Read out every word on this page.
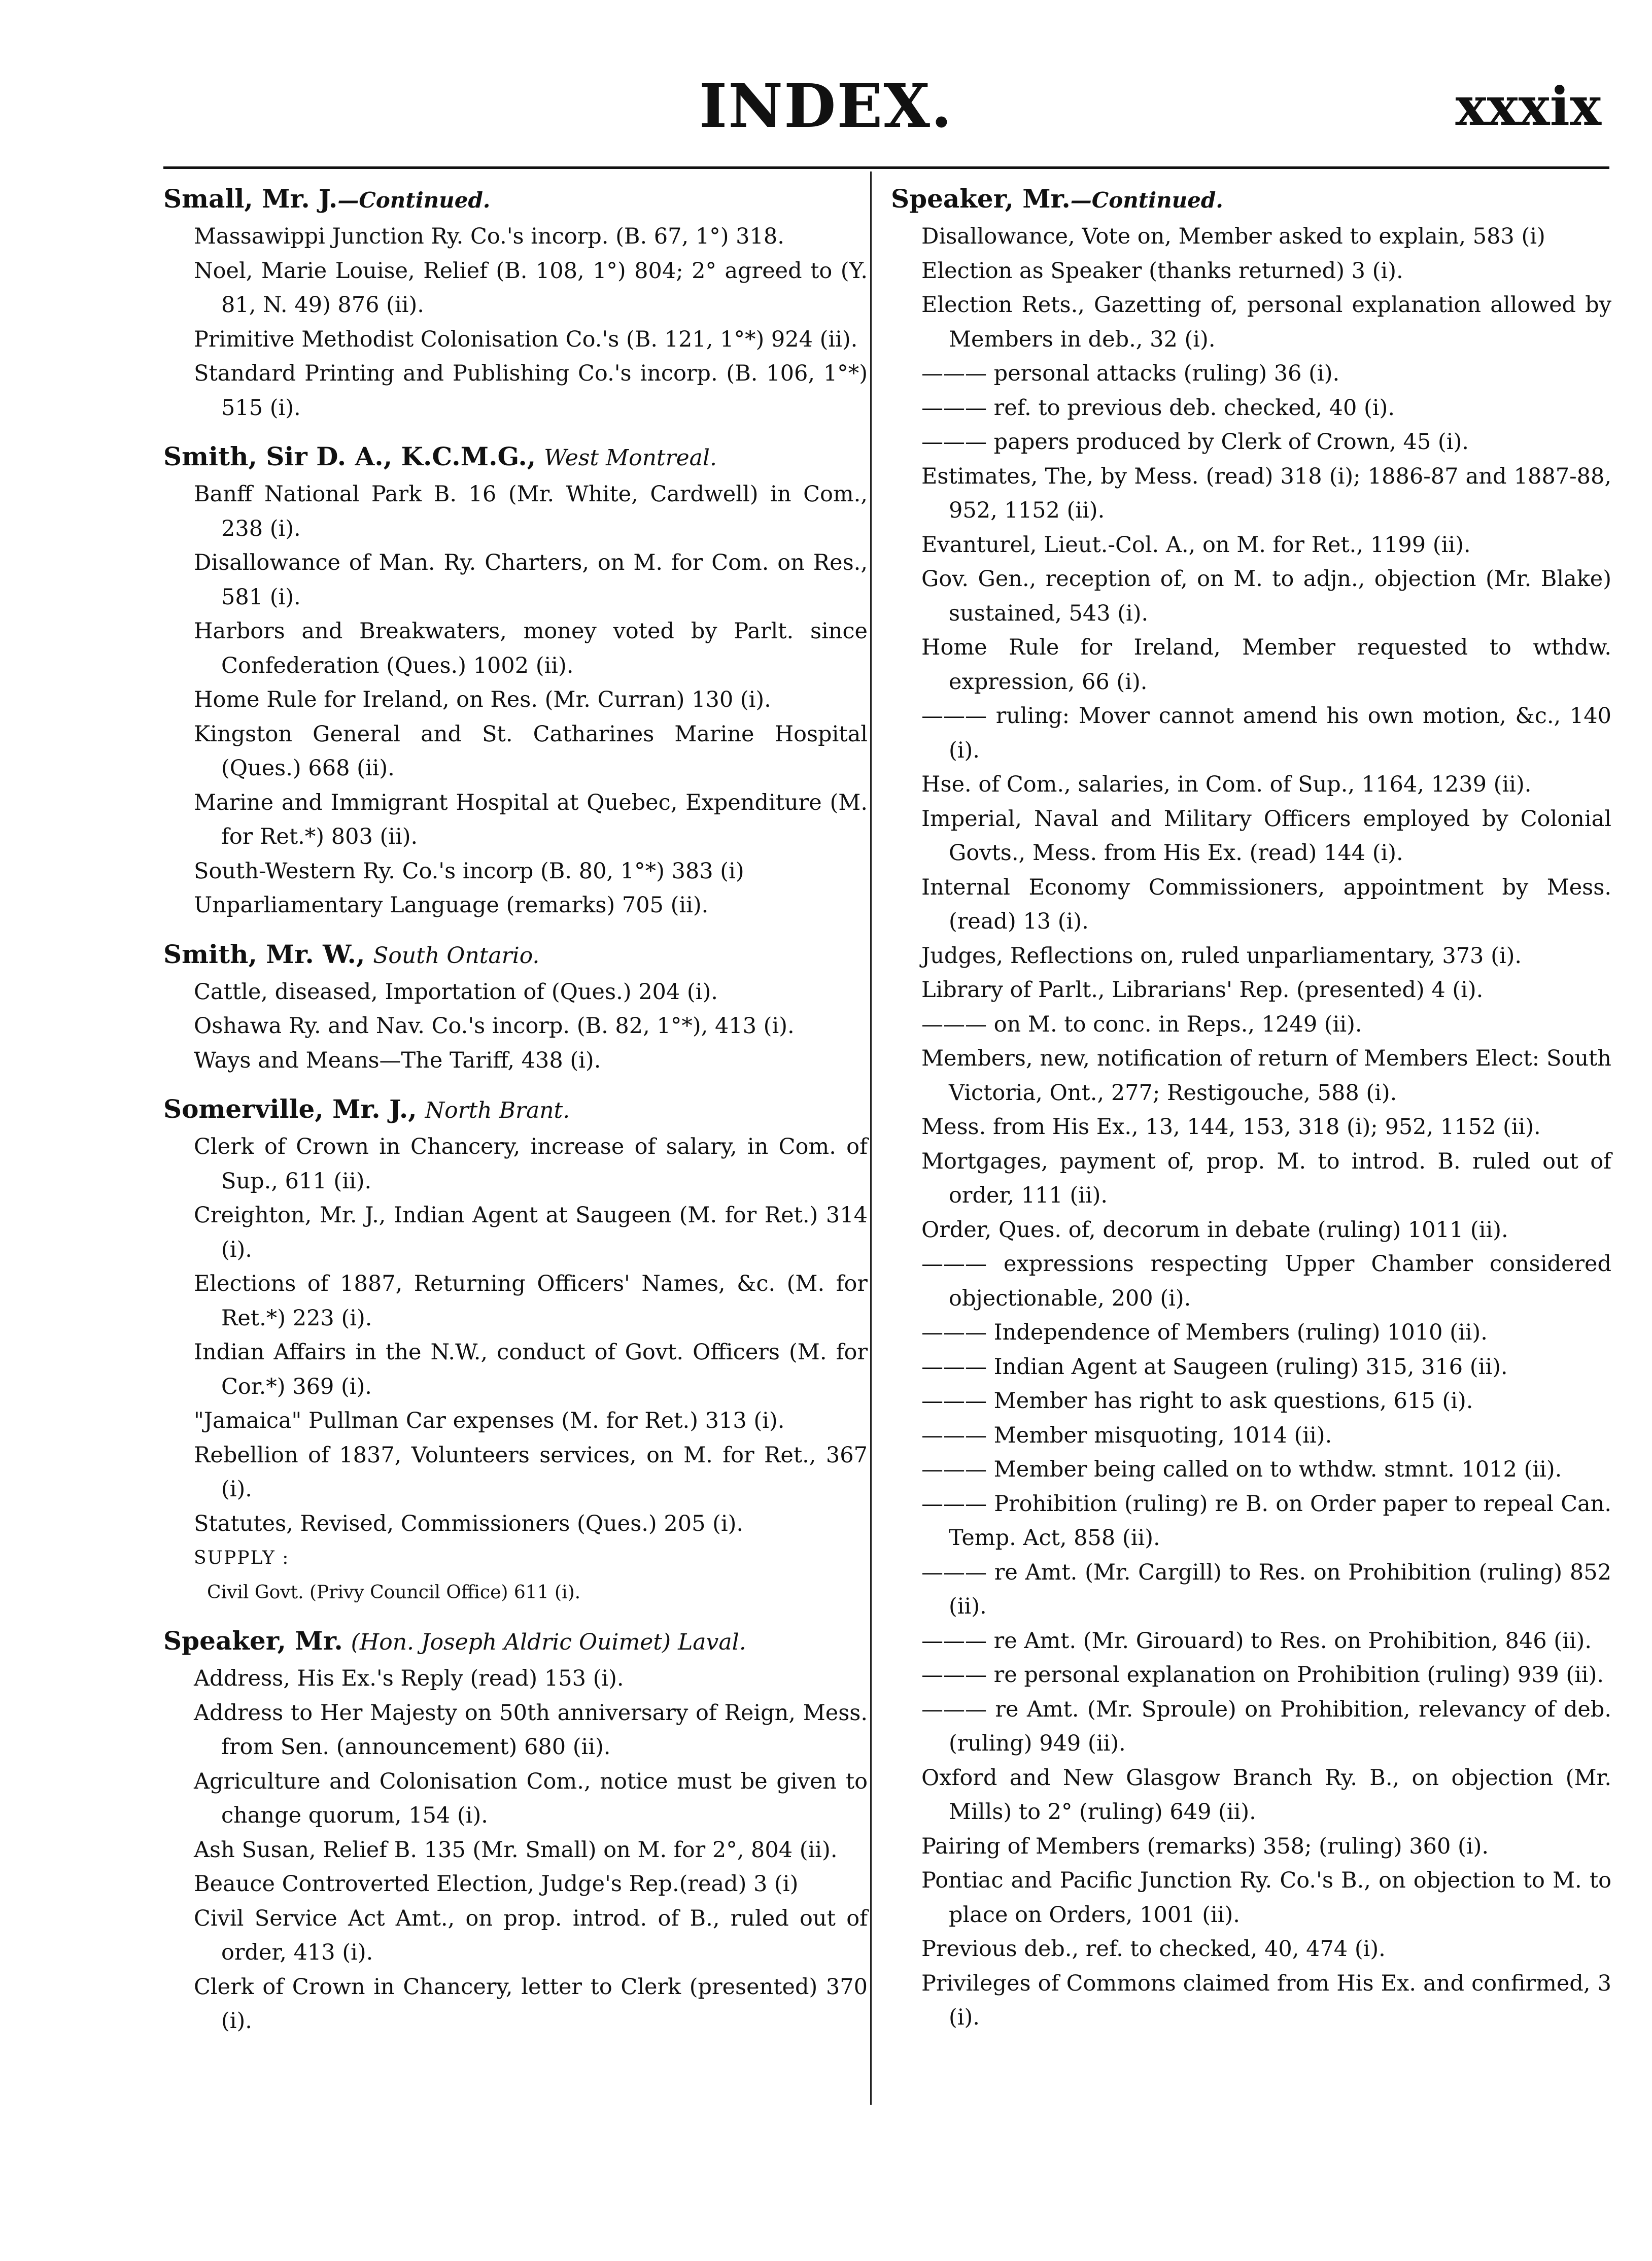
INDEX.	xxxix
Small, Mr. J.—Continued.
Massawippi Junction Ry. Co.'s incorp. (B. 67, 1°) 318.
Noel, Marie Louise, Relief (B. 108, 1°) 804; 2° agreed to (Y. 81, N. 49) 876 (ii).
Primitive Methodist Colonisation Co.'s (B. 121, 1°*) 924 (ii).
Standard Printing and Publishing Co.'s incorp. (B. 106, 1°*) 515 (i).
Smith, Sir D. A., K.C.M.G., West Montreal.
Banff National Park B. 16 (Mr. White, Cardwell) in Com., 238 (i).
Disallowance of Man. Ry. Charters, on M. for Com. on Res., 581 (i).
Harbors and Breakwaters, money voted by Parlt. since Confederation (Ques.) 1002 (ii).
Home Rule for Ireland, on Res. (Mr. Curran) 130 (i).
Kingston General and St. Catharines Marine Hospital (Ques.) 668 (ii).
Marine and Immigrant Hospital at Quebec, Expenditure (M. for Ret.*) 803 (ii).
South-Western Ry. Co.'s incorp (B. 80, 1°*) 383 (i)
Unparliamentary Language (remarks) 705 (ii).
Smith, Mr. W., South Ontario.
Cattle, diseased, Importation of (Ques.) 204 (i).
Oshawa Ry. and Nav. Co.'s incorp. (B. 82, 1°*), 413 (i).
Ways and Means—The Tariff, 438 (i).
Somerville, Mr. J., North Brant.
Clerk of Crown in Chancery, increase of salary, in Com. of Sup., 611 (ii).
Creighton, Mr. J., Indian Agent at Saugeen (M. for Ret.) 314 (i).
Elections of 1887, Returning Officers' Names, &c. (M. for Ret.*) 223 (i).
Indian Affairs in the N.W., conduct of Govt. Officers (M. for Cor.*) 369 (i).
"Jamaica" Pullman Car expenses (M. for Ret.) 313 (i).
Rebellion of 1837, Volunteers services, on M. for Ret., 367 (i).
Statutes, Revised, Commissioners (Ques.) 205 (i).
SUPPLY :
Civil Govt. (Privy Council Office) 611 (i).
Speaker, Mr. (Hon. Joseph Aldric Ouimet) Laval.
Address, His Ex.'s Reply (read) 153 (i).
Address to Her Majesty on 50th anniversary of Reign, Mess. from Sen. (announcement) 680 (ii).
Agriculture and Colonisation Com., notice must be given to change quorum, 154 (i).
Ash Susan, Relief B. 135 (Mr. Small) on M. for 2°, 804 (ii).
Beauce Controverted Election, Judge's Rep.(read) 3 (i)
Civil Service Act Amt., on prop. introd. of B., ruled out of order, 413 (i).
Clerk of Crown in Chancery, letter to Clerk (presented) 370 (i).
Speaker, Mr.—Continued.
Disallowance, Vote on, Member asked to explain, 583 (i)
Election as Speaker (thanks returned) 3 (i).
Election Rets., Gazetting of, personal explanation allowed by Members in deb., 32 (i).
——— personal attacks (ruling) 36 (i).
——— ref. to previous deb. checked, 40 (i).
——— papers produced by Clerk of Crown, 45 (i).
Estimates, The, by Mess. (read) 318 (i); 1886-87 and 1887-88, 952, 1152 (ii).
Evanturel, Lieut.-Col. A., on M. for Ret., 1199 (ii).
Gov. Gen., reception of, on M. to adjn., objection (Mr. Blake) sustained, 543 (i).
Home Rule for Ireland, Member requested to wthdw. expression, 66 (i).
——— ruling: Mover cannot amend his own motion, &c., 140 (i).
Hse. of Com., salaries, in Com. of Sup., 1164, 1239 (ii).
Imperial, Naval and Military Officers employed by Colonial Govts., Mess. from His Ex. (read) 144 (i).
Internal Economy Commissioners, appointment by Mess. (read) 13 (i).
Judges, Reflections on, ruled unparliamentary, 373 (i).
Library of Parlt., Librarians' Rep. (presented) 4 (i).
——— on M. to conc. in Reps., 1249 (ii).
Members, new, notification of return of Members Elect: South Victoria, Ont., 277; Restigouche, 588 (i).
Mess. from His Ex., 13, 144, 153, 318 (i); 952, 1152 (ii).
Mortgages, payment of, prop. M. to introd. B. ruled out of order, 111 (ii).
Order, Ques. of, decorum in debate (ruling) 1011 (ii).
——— expressions respecting Upper Chamber considered objectionable, 200 (i).
——— Independence of Members (ruling) 1010 (ii).
——— Indian Agent at Saugeen (ruling) 315, 316 (ii).
——— Member has right to ask questions, 615 (i).
——— Member misquoting, 1014 (ii).
——— Member being called on to wthdw. stmnt. 1012 (ii).
——— Prohibition (ruling) re B. on Order paper to repeal Can. Temp. Act, 858 (ii).
——— re Amt. (Mr. Cargill) to Res. on Prohibition (ruling) 852 (ii).
——— re Amt. (Mr. Girouard) to Res. on Prohibition, 846 (ii).
——— re personal explanation on Prohibition (ruling) 939 (ii).
——— re Amt. (Mr. Sproule) on Prohibition, relevancy of deb. (ruling) 949 (ii).
Oxford and New Glasgow Branch Ry. B., on objection (Mr. Mills) to 2° (ruling) 649 (ii).
Pairing of Members (remarks) 358; (ruling) 360 (i).
Pontiac and Pacific Junction Ry. Co.'s B., on objection to M. to place on Orders, 1001 (ii).
Previous deb., ref. to checked, 40, 474 (i).
Privileges of Commons claimed from His Ex. and confirmed, 3 (i).
